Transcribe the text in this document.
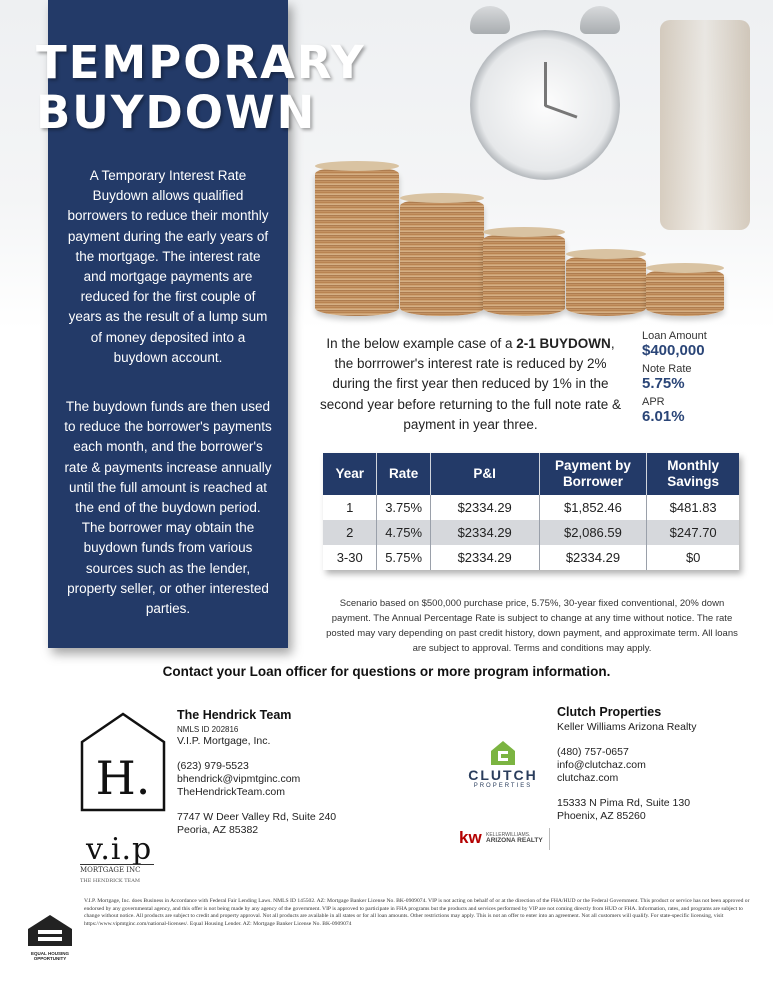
TEMPORARY
BUYDOWN

A Temporary Interest Rate Buydown allows qualified borrowers to reduce their monthly payment during the early years of the mortgage. The interest rate and mortgage payments are reduced for the first couple of years as the result of a lump sum of money deposited into a buydown account.

The buydown funds are then used to reduce the borrower's payments each month, and the borrower's rate & payments increase annually until the full amount is reached at the end of the buydown period. The borrower may obtain the buydown funds from various sources such as the lender, property seller, or other interested parties.

In the below example case of a 2-1 BUYDOWN, the borrrower's interest rate is reduced by 2% during the first year then reduced by 1% in the second year before returning to the full note rate & payment in year three.

Loan Amount

$400,000

Note Rate

5.75%

APR

6.01%

Year	Rate	P&I	Payment by Borrower	Monthly Savings
1	3.75%	$2334.29	$1,852.46	$481.83
2	4.75%	$2334.29	$2,086.59	$247.70
3-30	5.75%	$2334.29	$2334.29	$0

Scenario based on $500,000 purchase price, 5.75%, 30-year fixed conventional, 20% down payment. The Annual Percentage Rate is subject to change at any time without notice. The rate posted may vary depending on past credit history, down payment, and approximate term. All loans are subject to approval. Terms and conditions may apply.

Contact your Loan officer for questions or more program information.

H.
v.i.p
MORTGAGE INC
THE HENDRICK TEAM

The Hendrick Team

NMLS ID 202816

V.I.P. Mortgage, Inc.

(623) 979-5523

bhendrick@vipmtginc.com

TheHendrickTeam.com

7747 W Deer Valley Rd, Suite 240

Peoria, AZ 85382

CLUTCH

PROPERTIES

kw KELLERWILLIAMS.
ARIZONA REALTY

Clutch Properties

Keller Williams Arizona Realty

(480) 757-0657

info@clutchaz.com

clutchaz.com

15333 N Pima Rd, Suite 130

Phoenix, AZ 85260

V.I.P. Mortgage, Inc. does Business in Accordance with Federal Fair Lending Laws. NMLS ID 145502. AZ: Mortgage Banker License No. BK-0909074. VIP is not acting on behalf of or at the direction of the FHA/HUD or the Federal Government. This product or service has not been approved or endorsed by any governmental agency, and this offer is not being made by any agency of the government. VIP is approved to participate in FHA programs but the products and services performed by VIP are not coming directly from HUD or FHA. Information, rates, and programs are subject to change without notice. All products are subject to credit and property approval. Not all products are available in all states or for all loan amounts. Other restrictions may apply. This is not an offer to enter into an agreement. Not all customers will qualify. For state-specific licensing, visit https://www.vipmtginc.com/national-licenses/. Equal Housing Lender. AZ: Mortgage Banker License No. BK-0909074

EQUAL HOUSING

OPPORTUNITY
